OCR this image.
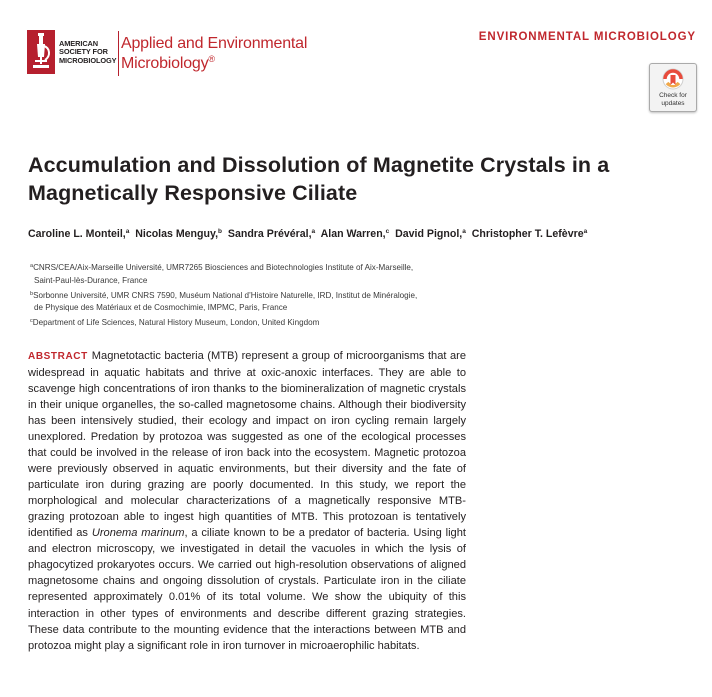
AMERICAN
SOCIETY FOR
MICROBIOLOGY
Applied and Environmental
Microbiology®
ENVIRONMENTAL MICROBIOLOGY
Check for
updates
Accumulation and Dissolution of Magnetite Crystals in a Magnetically Responsive Ciliate
Caroline L. Monteil,$^a$ Nicolas Menguy,$^b$ Sandra Prévéral,$^a$ Alan Warren,$^c$ David Pignol,$^a$ Christopher T. Lefèvre$^a$
$^a$CNRS/CEA/Aix-Marseille Université, UMR7265 Biosciences and Biotechnologies Institute of Aix-Marseille,
Saint-Paul-lès-Durance, France
$^b$Sorbonne Université, UMR CNRS 7590, Muséum National d’Histoire Naturelle, IRD, Institut de Minéralogie,
de Physique des Matériaux et de Cosmochimie, IMPMC, Paris, France
$^c$Department of Life Sciences, Natural History Museum, London, United Kingdom

ABSTRACT Magnetotactic bacteria (MTB) represent a group of microorganisms that are widespread in aquatic habitats and thrive at oxic-anoxic interfaces. They are able to scavenge high concentrations of iron thanks to the biomineralization of magnetic crystals in their unique organelles, the so-called magnetosome chains. Although their biodiversity has been intensively studied, their ecology and impact on iron cycling remain largely unexplored. Predation by protozoa was suggested as one of the ecological processes that could be involved in the release of iron back into the ecosystem. Magnetic protozoa were previously observed in aquatic environments, but their diversity and the fate of particulate iron during grazing are poorly documented. In this study, we report the morphological and molecular characterizations of a magnetically responsive MTB-grazing protozoan able to ingest high quantities of MTB. This protozoan is tentatively identified as Uronema marinum, a ciliate known to be a predator of bacteria. Using light and electron microscopy, we investigated in detail the vacuoles in which the lysis of phagocytized prokaryotes occurs. We carried out high-resolution observations of aligned magnetosome chains and ongoing dissolution of crystals. Particulate iron in the ciliate represented approximately 0.01% of its total volume. We show the ubiquity of this interaction in other types of environments and describe different grazing strategies. These data contribute to the mounting evidence that the interactions between MTB and protozoa might play a significant role in iron turnover in microaerophilic habitats.
